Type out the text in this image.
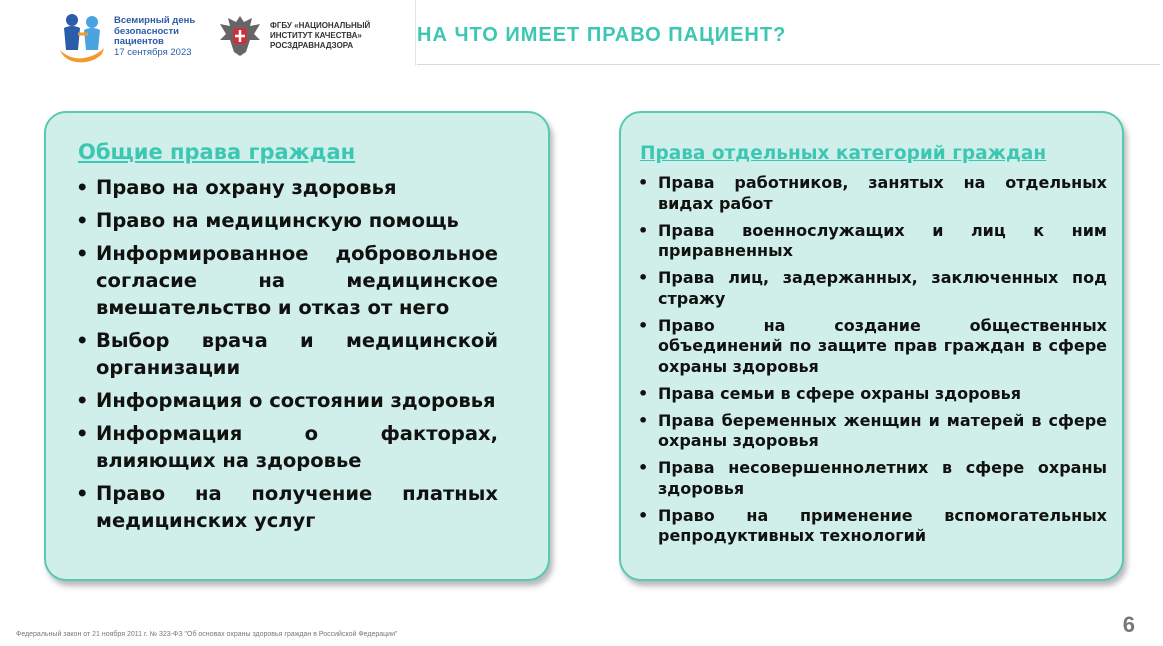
Всемирный день
безопасности
пациентов
17 сентября 2023
ФГБУ «НАЦИОНАЛЬНЫЙ
ИНСТИТУТ КАЧЕСТВА»
РОСЗДРАВНАДЗОРА	НА ЧТО ИМЕЕТ ПРАВО ПАЦИЕНТ?
Общие права граждан
• Право на охрану здоровья
• Право на медицинскую помощь
• Информированное добровольное согласие на медицинское вмешательство и отказ от него
• Выбор врача и медицинской организации
• Информация о состоянии здоровья
• Информация о факторах, влияющих на здоровье
• Право на получение платных медицинских услуг
Права отдельных категорий граждан
• Права работников, занятых на отдельных видах работ
• Права военнослужащих и лиц к ним приравненных
• Права лиц, задержанных, заключенных под стражу
• Право на создание общественных объединений по защите прав граждан в сфере охраны здоровья
• Права семьи в сфере охраны здоровья
• Права беременных женщин и матерей в сфере охраны здоровья
• Права несовершеннолетних в сфере охраны здоровья
• Право на применение вспомогательных репродуктивных технологий
Федеральный закон от 21 ноября 2011 г. № 323-ФЗ "Об основах охраны здоровья граждан в Российской Федерации"	6
